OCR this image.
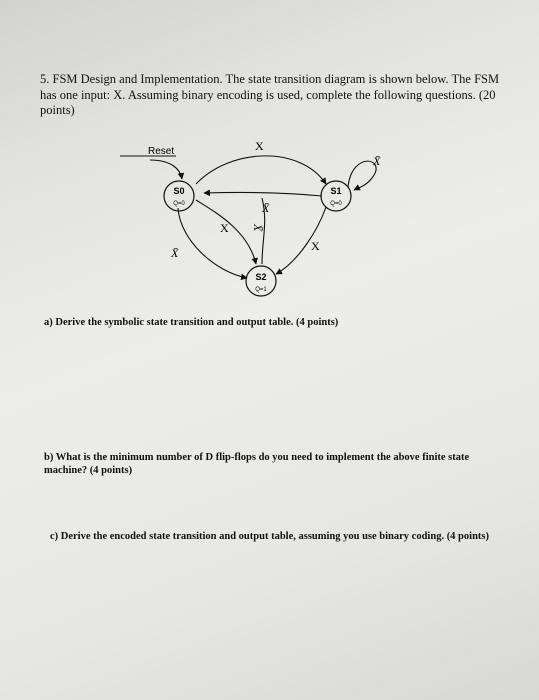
5. FSM Design and Implementation. The state transition diagram is shown below. The FSM has one input: X. Assuming binary encoding is used, complete the following questions. (20 points)
Reset	X
X̄
X̄
X X̄
X
X̄
S0
Q=0
S1
Q=0
S2
Q=1
a) Derive the symbolic state transition and output table. (4 points)
b) What is the minimum number of D flip-flops do you need to implement the above finite state machine? (4 points)
c) Derive the encoded state transition and output table, assuming you use binary coding. (4 points)
